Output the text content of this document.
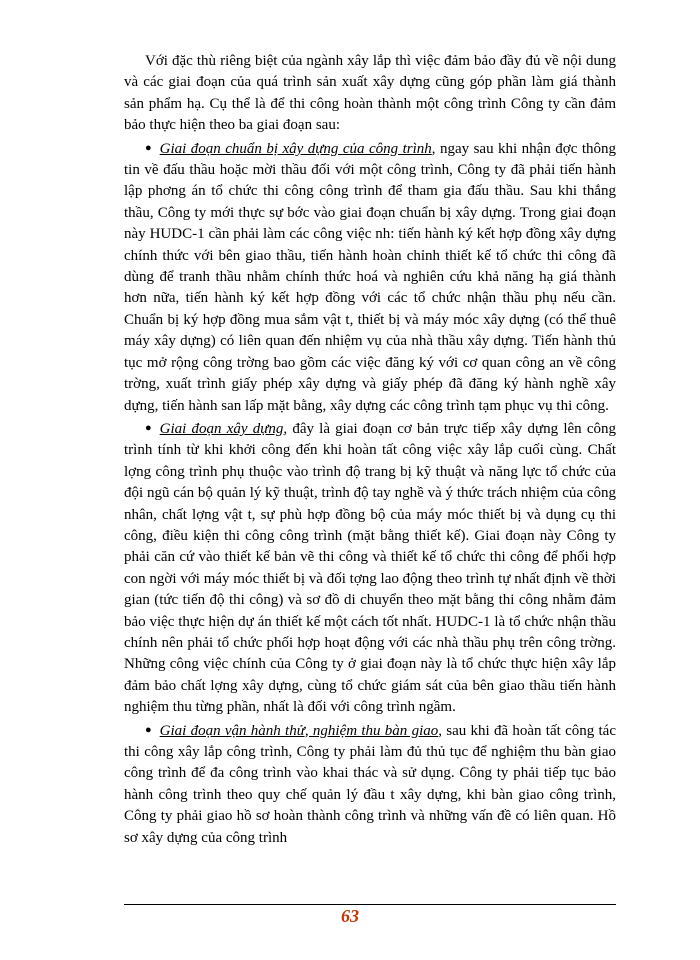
Với đặc thù riêng biệt của ngành xây lắp thì việc đảm bảo đầy đủ về nội dung và các giai đoạn của quá trình sản xuất xây dựng cũng góp phần làm giá thành sản phẩm hạ. Cụ thể là để thi công hoàn thành một công trình Công ty cần đảm bảo thực hiện theo ba giai đoạn sau:

● Giai đoạn chuẩn bị xây dựng của công trình, ngay sau khi nhận đợc thông tin về đấu thầu hoặc mời thầu đối với một công trình, Công ty đã phải tiến hành lập phơng án tổ chức thi công công trình để tham gia đấu thầu. Sau khi thắng thầu, Công ty mới thực sự bớc vào giai đoạn chuẩn bị xây dựng. Trong giai đoạn này HUDC-1 cần phải làm các công việc nh: tiến hành ký kết hợp đồng xây dựng chính thức với bên giao thầu, tiến hành hoàn chỉnh thiết kế tổ chức thi công đã dùng để tranh thầu nhằm chính thức hoá và nghiên cứu khả năng hạ giá thành hơn nữa, tiến hành ký kết hợp đồng với các tổ chức nhận thầu phụ nếu cần. Chuẩn bị ký hợp đồng mua sắm vật t, thiết bị và máy móc xây dựng (có thể thuê máy xây dựng) có liên quan đến nhiệm vụ của nhà thầu xây dựng. Tiến hành thủ tục mở rộng công trờng bao gồm các việc đăng ký với cơ quan công an về công trờng, xuất trình giấy phép xây dựng và giấy phép đã đăng ký hành nghề xây dựng, tiến hành san lấp mặt bằng, xây dựng các công trình tạm phục vụ thi công.

● Giai đoạn xây dựng, đây là giai đoạn cơ bản trực tiếp xây dựng lên công trình tính từ khi khởi công đến khi hoàn tất công việc xây lắp cuối cùng. Chất lợng công trình phụ thuộc vào trình độ trang bị kỹ thuật và năng lực tổ chức của đội ngũ cán bộ quản lý kỹ thuật, trình độ tay nghề và ý thức trách nhiệm của công nhân, chất lợng vật t, sự phù hợp đồng bộ của máy móc thiết bị và dụng cụ thi công, điều kiện thi công công trình (mặt bằng thiết kế). Giai đoạn này Công ty phải căn cứ vào thiết kế bản vẽ thi công và thiết kế tổ chức thi công để phối hợp con ngời với máy móc thiết bị và đối tợng lao động theo trình tự nhất định về thời gian (tức tiến độ thi công) và sơ đồ di chuyển theo mặt bằng thi công nhằm đảm bảo việc thực hiện dự án thiết kế một cách tốt nhất. HUDC-1 là tổ chức nhận thầu chính nên phải tổ chức phối hợp hoạt động với các nhà thầu phụ trên công trờng. Những công việc chính của Công ty ở giai đoạn này là tổ chức thực hiện xây lắp đảm bảo chất lợng xây dựng, cùng tổ chức giám sát của bên giao thầu tiến hành nghiệm thu từng phần, nhất là đối với công trình ngầm.

● Giai đoạn vận hành thử, nghiệm thu bàn giao, sau khi đã hoàn tất công tác thi công xây lắp công trình, Công ty phải làm đủ thủ tục để nghiệm thu bàn giao công trình để đa công trình vào khai thác và sử dụng. Công ty phải tiếp tục bảo hành công trình theo quy chế quản lý đầu t xây dựng, khi bàn giao công trình, Công ty phải giao hồ sơ hoàn thành công trình và những vấn đề có liên quan. Hồ sơ xây dựng của công trình

63
